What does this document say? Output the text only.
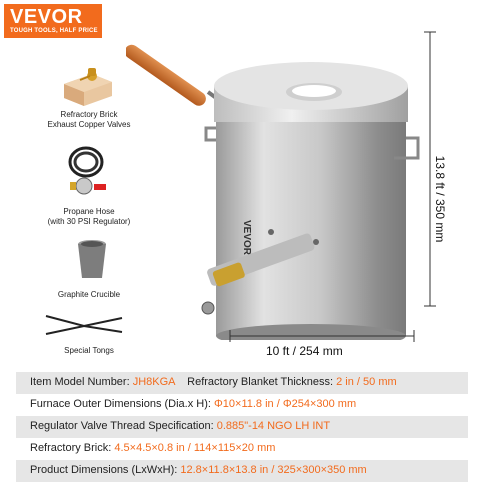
VEVOR
TOUGH TOOLS, HALF PRICE
Refractory Brick
Exhaust Copper Valves
Propane Hose
(with 30 PSI Regulator)
Graphite Crucible
Special Tongs
VEVOR	13.8 ft / 350 mm
10 ft / 254 mm
Item Model Number: JH8KGA Refractory Blanket Thickness: 2 in / 50 mm
Furnace Outer Dimensions (Dia.x H): Φ10×11.8 in / Φ254×300 mm
Regulator Valve Thread Specification: 0.885"-14 NGO LH INT
Refractory Brick: 4.5×4.5×0.8 in / 114×115×20 mm
Product Dimensions (LxWxH): 12.8×11.8×13.8 in / 325×300×350 mm
